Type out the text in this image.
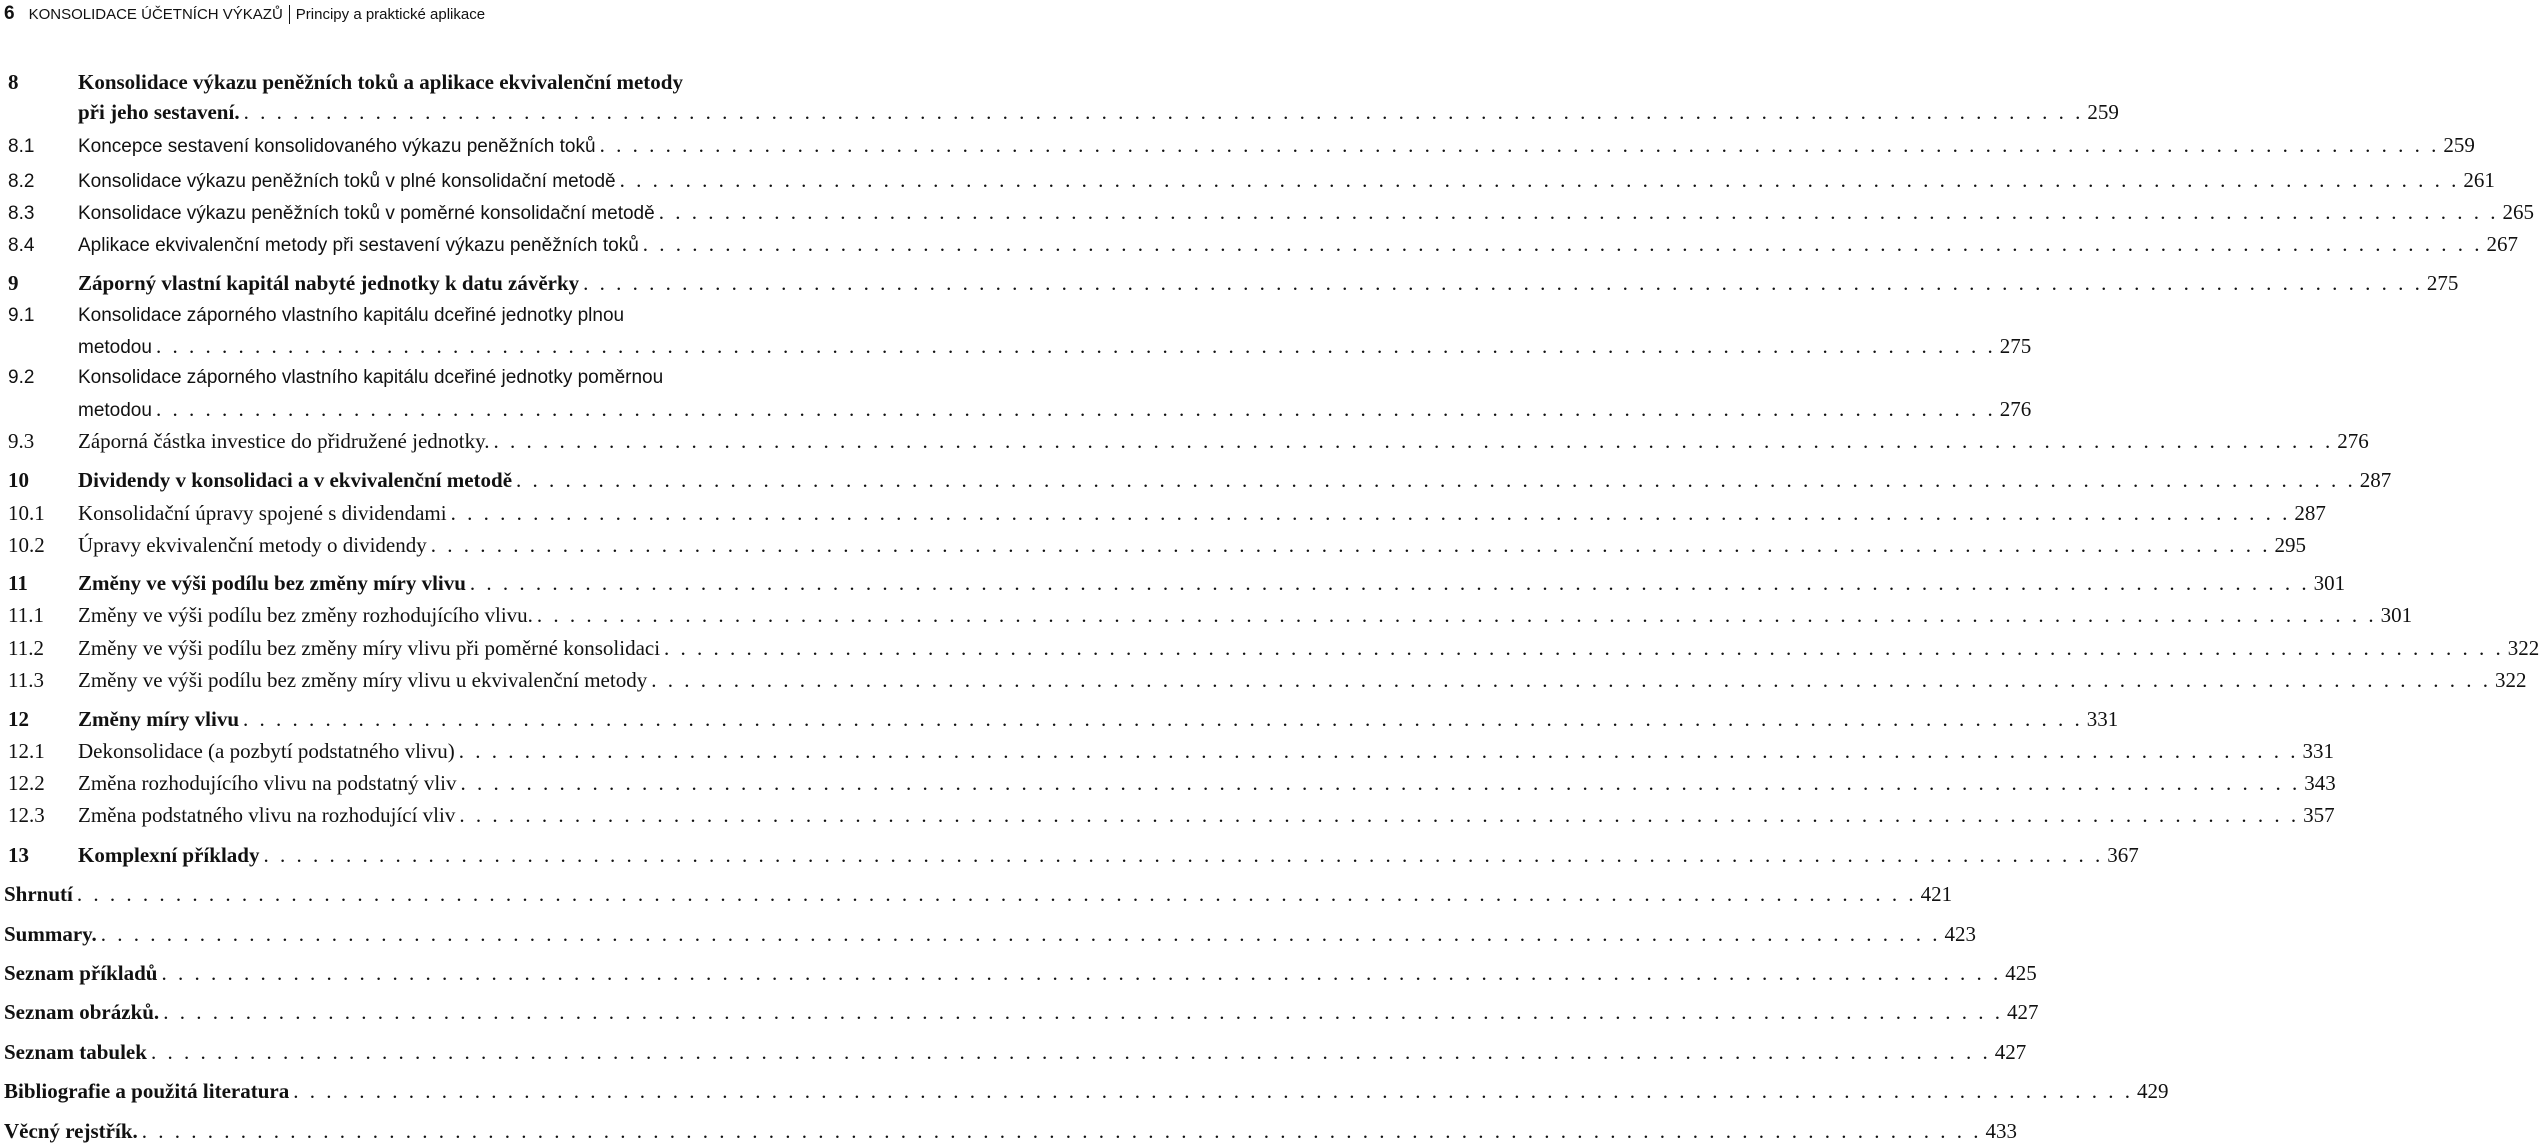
6 KONSOLIDACE ÚČETNÍCH VÝKAZŮ Principy a praktické aplikace
8	Konsolidace výkazu peněžních toků a aplikace ekvivalenční metody
při jeho sestavení. . . . . . . . . . . . . . . . . . . . . . . . . . . . . . . . . . . . . . . . . . . . . . . . . . . . . . . . . . . . . . . . . . . . . . . . . . . . . . . . . . . . . . . . . . . . . . . . . . . . . . . . . . . . . . . . . 259
8.1	Koncepce sestavení konsolidovaného výkazu peněžních toků . . . . . . . . . . . . . . . . . . . . . . . . . . . . . . . . . . . . . . . . . . . . . . . . . . . . . . . . . . . . . . . . . . . . . . . . . . . . . . . . . . . . . . . . . . . . . . . . . . . . . . . . . . . . . . . . 259
8.2	Konsolidace výkazu peněžních toků v plné konsolidační metodě . . . . . . . . . . . . . . . . . . . . . . . . . . . . . . . . . . . . . . . . . . . . . . . . . . . . . . . . . . . . . . . . . . . . . . . . . . . . . . . . . . . . . . . . . . . . . . . . . . . . . . . . . . . . . . . . 261
8.3	Konsolidace výkazu peněžních toků v poměrné konsolidační metodě . . . . . . . . . . . . . . . . . . . . . . . . . . . . . . . . . . . . . . . . . . . . . . . . . . . . . . . . . . . . . . . . . . . . . . . . . . . . . . . . . . . . . . . . . . . . . . . . . . . . . . . . . . . . . . . . 265
8.4	Aplikace ekvivalenční metody při sestavení výkazu peněžních toků . . . . . . . . . . . . . . . . . . . . . . . . . . . . . . . . . . . . . . . . . . . . . . . . . . . . . . . . . . . . . . . . . . . . . . . . . . . . . . . . . . . . . . . . . . . . . . . . . . . . . . . . . . . . . . . . 267
9	Záporný vlastní kapitál nabyté jednotky k datu závěrky . . . . . . . . . . . . . . . . . . . . . . . . . . . . . . . . . . . . . . . . . . . . . . . . . . . . . . . . . . . . . . . . . . . . . . . . . . . . . . . . . . . . . . . . . . . . . . . . . . . . . . . . . . . . . . . . 275
9.1	Konsolidace záporného vlastního kapitálu dceřiné jednotky plnou
metodou . . . . . . . . . . . . . . . . . . . . . . . . . . . . . . . . . . . . . . . . . . . . . . . . . . . . . . . . . . . . . . . . . . . . . . . . . . . . . . . . . . . . . . . . . . . . . . . . . . . . . . . . . . . . . . . . 275
9.2	Konsolidace záporného vlastního kapitálu dceřiné jednotky poměrnou
metodou . . . . . . . . . . . . . . . . . . . . . . . . . . . . . . . . . . . . . . . . . . . . . . . . . . . . . . . . . . . . . . . . . . . . . . . . . . . . . . . . . . . . . . . . . . . . . . . . . . . . . . . . . . . . . . . . 276
9.3	Záporná částka investice do přidružené jednotky. . . . . . . . . . . . . . . . . . . . . . . . . . . . . . . . . . . . . . . . . . . . . . . . . . . . . . . . . . . . . . . . . . . . . . . . . . . . . . . . . . . . . . . . . . . . . . . . . . . . . . . . . . . . . . . . . 276
10	Dividendy v konsolidaci a v ekvivalenční metodě . . . . . . . . . . . . . . . . . . . . . . . . . . . . . . . . . . . . . . . . . . . . . . . . . . . . . . . . . . . . . . . . . . . . . . . . . . . . . . . . . . . . . . . . . . . . . . . . . . . . . . . . . . . . . . . . 287
10.1	Konsolidační úpravy spojené s dividendami . . . . . . . . . . . . . . . . . . . . . . . . . . . . . . . . . . . . . . . . . . . . . . . . . . . . . . . . . . . . . . . . . . . . . . . . . . . . . . . . . . . . . . . . . . . . . . . . . . . . . . . . . . . . . . . . 287
10.2	Úpravy ekvivalenční metody o dividendy . . . . . . . . . . . . . . . . . . . . . . . . . . . . . . . . . . . . . . . . . . . . . . . . . . . . . . . . . . . . . . . . . . . . . . . . . . . . . . . . . . . . . . . . . . . . . . . . . . . . . . . . . . . . . . . . 295
11	Změny ve výši podílu bez změny míry vlivu . . . . . . . . . . . . . . . . . . . . . . . . . . . . . . . . . . . . . . . . . . . . . . . . . . . . . . . . . . . . . . . . . . . . . . . . . . . . . . . . . . . . . . . . . . . . . . . . . . . . . . . . . . . . . . . . 301
11.1	Změny ve výši podílu bez změny rozhodujícího vlivu. . . . . . . . . . . . . . . . . . . . . . . . . . . . . . . . . . . . . . . . . . . . . . . . . . . . . . . . . . . . . . . . . . . . . . . . . . . . . . . . . . . . . . . . . . . . . . . . . . . . . . . . . . . . . . . . . 301
11.2	Změny ve výši podílu bez změny míry vlivu při poměrné konsolidaci . . . . . . . . . . . . . . . . . . . . . . . . . . . . . . . . . . . . . . . . . . . . . . . . . . . . . . . . . . . . . . . . . . . . . . . . . . . . . . . . . . . . . . . . . . . . . . . . . . . . . . . . . . . . . . . . 322
11.3	Změny ve výši podílu bez změny míry vlivu u ekvivalenční metody . . . . . . . . . . . . . . . . . . . . . . . . . . . . . . . . . . . . . . . . . . . . . . . . . . . . . . . . . . . . . . . . . . . . . . . . . . . . . . . . . . . . . . . . . . . . . . . . . . . . . . . . . . . . . . . . 322
12	Změny míry vlivu . . . . . . . . . . . . . . . . . . . . . . . . . . . . . . . . . . . . . . . . . . . . . . . . . . . . . . . . . . . . . . . . . . . . . . . . . . . . . . . . . . . . . . . . . . . . . . . . . . . . . . . . . . . . . . . . 331
12.1	Dekonsolidace (a pozbytí podstatného vlivu) . . . . . . . . . . . . . . . . . . . . . . . . . . . . . . . . . . . . . . . . . . . . . . . . . . . . . . . . . . . . . . . . . . . . . . . . . . . . . . . . . . . . . . . . . . . . . . . . . . . . . . . . . . . . . . . . 331
12.2	Změna rozhodujícího vlivu na podstatný vliv . . . . . . . . . . . . . . . . . . . . . . . . . . . . . . . . . . . . . . . . . . . . . . . . . . . . . . . . . . . . . . . . . . . . . . . . . . . . . . . . . . . . . . . . . . . . . . . . . . . . . . . . . . . . . . . . 343
12.3	Změna podstatného vlivu na rozhodující vliv . . . . . . . . . . . . . . . . . . . . . . . . . . . . . . . . . . . . . . . . . . . . . . . . . . . . . . . . . . . . . . . . . . . . . . . . . . . . . . . . . . . . . . . . . . . . . . . . . . . . . . . . . . . . . . . . 357
13	Komplexní příklady . . . . . . . . . . . . . . . . . . . . . . . . . . . . . . . . . . . . . . . . . . . . . . . . . . . . . . . . . . . . . . . . . . . . . . . . . . . . . . . . . . . . . . . . . . . . . . . . . . . . . . . . . . . . . . . . 367
Shrnutí . . . . . . . . . . . . . . . . . . . . . . . . . . . . . . . . . . . . . . . . . . . . . . . . . . . . . . . . . . . . . . . . . . . . . . . . . . . . . . . . . . . . . . . . . . . . . . . . . . . . . . . . . . . . . . . . 421
Summary. . . . . . . . . . . . . . . . . . . . . . . . . . . . . . . . . . . . . . . . . . . . . . . . . . . . . . . . . . . . . . . . . . . . . . . . . . . . . . . . . . . . . . . . . . . . . . . . . . . . . . . . . . . . . . . . . 423
Seznam příkladů . . . . . . . . . . . . . . . . . . . . . . . . . . . . . . . . . . . . . . . . . . . . . . . . . . . . . . . . . . . . . . . . . . . . . . . . . . . . . . . . . . . . . . . . . . . . . . . . . . . . . . . . . . . . . . . . 425
Seznam obrázků. . . . . . . . . . . . . . . . . . . . . . . . . . . . . . . . . . . . . . . . . . . . . . . . . . . . . . . . . . . . . . . . . . . . . . . . . . . . . . . . . . . . . . . . . . . . . . . . . . . . . . . . . . . . . . . . . 427
Seznam tabulek . . . . . . . . . . . . . . . . . . . . . . . . . . . . . . . . . . . . . . . . . . . . . . . . . . . . . . . . . . . . . . . . . . . . . . . . . . . . . . . . . . . . . . . . . . . . . . . . . . . . . . . . . . . . . . . . 427
Bibliografie a použitá literatura . . . . . . . . . . . . . . . . . . . . . . . . . . . . . . . . . . . . . . . . . . . . . . . . . . . . . . . . . . . . . . . . . . . . . . . . . . . . . . . . . . . . . . . . . . . . . . . . . . . . . . . . . . . . . . . . 429
Věcný rejstřík. . . . . . . . . . . . . . . . . . . . . . . . . . . . . . . . . . . . . . . . . . . . . . . . . . . . . . . . . . . . . . . . . . . . . . . . . . . . . . . . . . . . . . . . . . . . . . . . . . . . . . . . . . . . . . . . . 433
